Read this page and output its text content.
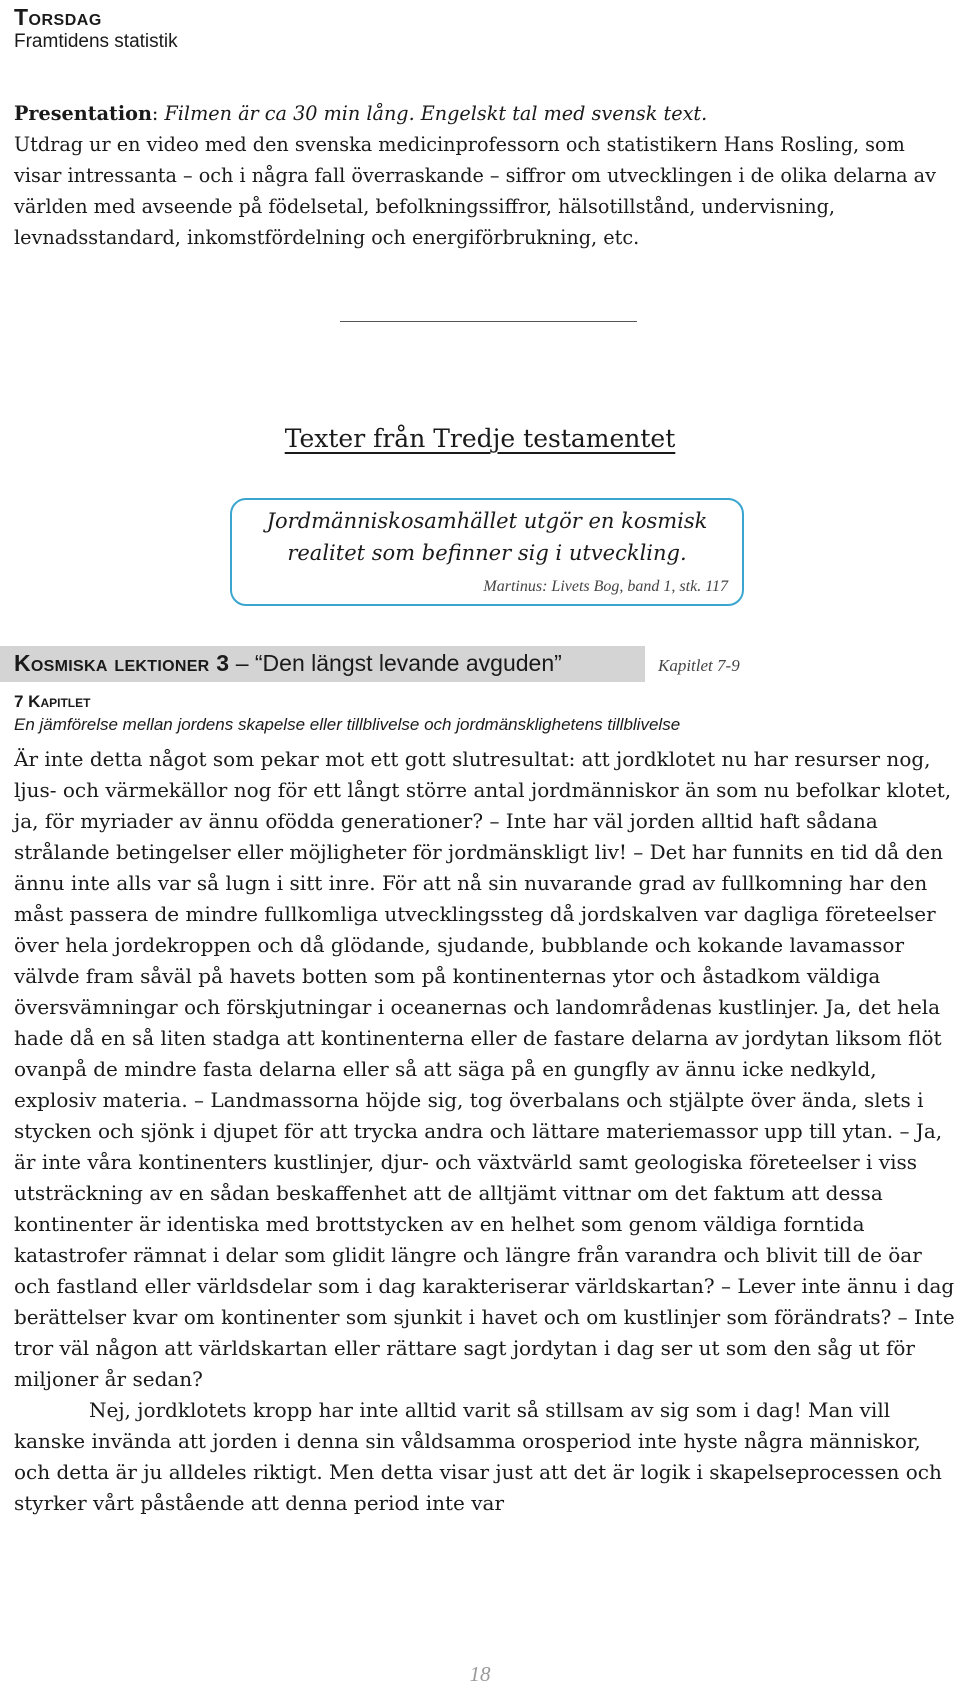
Torsdag
Framtidens statistik

Presentation: Filmen är ca 30 min lång. Engelskt tal med svensk text.

Utdrag ur en video med den svenska medicinprofessorn och statistikern Hans Rosling, som visar intressanta – och i några fall överraskande – siffror om utvecklingen i de olika delarna av världen med avseende på födelsetal, befolkningssiffror, hälsotillstånd, undervisning, levnadsstandard, inkomstfördelning och energiförbrukning, etc.

Texter från Tredje testamentet
Jordmänniskosamhället utgör en kosmisk realitet som befinner sig i utveckling.
Martinus: Livets Bog, band 1, stk. 117
Kosmiska lektioner 3 – “Den längst levande avguden”	Kapitlet 7-9
7 Kapitlet
En jämförelse mellan jordens skapelse eller tillblivelse och jordmänsklighetens tillblivelse

Är inte detta något som pekar mot ett gott slutresultat: att jordklotet nu har resurser nog, ljus- och värmekällor nog för ett långt större antal jordmänniskor än som nu befolkar klotet, ja, för myriader av ännu ofödda generationer? – Inte har väl jorden alltid haft sådana strålande betingelser eller möjligheter för jordmänskligt liv! – Det har funnits en tid då den ännu inte alls var så lugn i sitt inre. För att nå sin nuvarande grad av fullkomning har den måst passera de mindre fullkomliga utvecklingssteg då jordskalven var dagliga företeelser över hela jordekroppen och då glödande, sjudande, bubblande och kokande lavamassor välvde fram såväl på havets botten som på kontinenternas ytor och åstadkom väldiga översvämningar och förskjutningar i oceanernas och landområdenas kustlinjer. Ja, det hela hade då en så liten stadga att kontinenterna eller de fastare delarna av jordytan liksom flöt ovanpå de mindre fasta delarna eller så att säga på en gungfly av ännu icke nedkyld, explosiv materia. – Landmassorna höjde sig, tog överbalans och stjälpte över ända, slets i stycken och sjönk i djupet för att trycka andra och lättare materiemassor upp till ytan. – Ja, är inte våra kontinenters kustlinjer, djur- och växtvärld samt geologiska företeelser i viss utsträckning av en sådan beskaffenhet att de alltjämt vittnar om det faktum att dessa kontinenter är identiska med brottstycken av en helhet som genom väldiga forntida katastrofer rämnat i delar som glidit längre och längre från varandra och blivit till de öar och fastland eller världsdelar som i dag karakteriserar världskartan? – Lever inte ännu i dag berättelser kvar om kontinenter som sjunkit i havet och om kustlinjer som förändrats? – Inte tror väl någon att världskartan eller rättare sagt jordytan i dag ser ut som den såg ut för miljoner år sedan?

Nej, jordklotets kropp har inte alltid varit så stillsam av sig som i dag! Man vill kanske invända att jorden i denna sin våldsamma orosperiod inte hyste några människor, och detta är ju alldeles riktigt. Men detta visar just att det är logik i skapelseprocessen och styrker vårt påstående att denna period inte var

18
